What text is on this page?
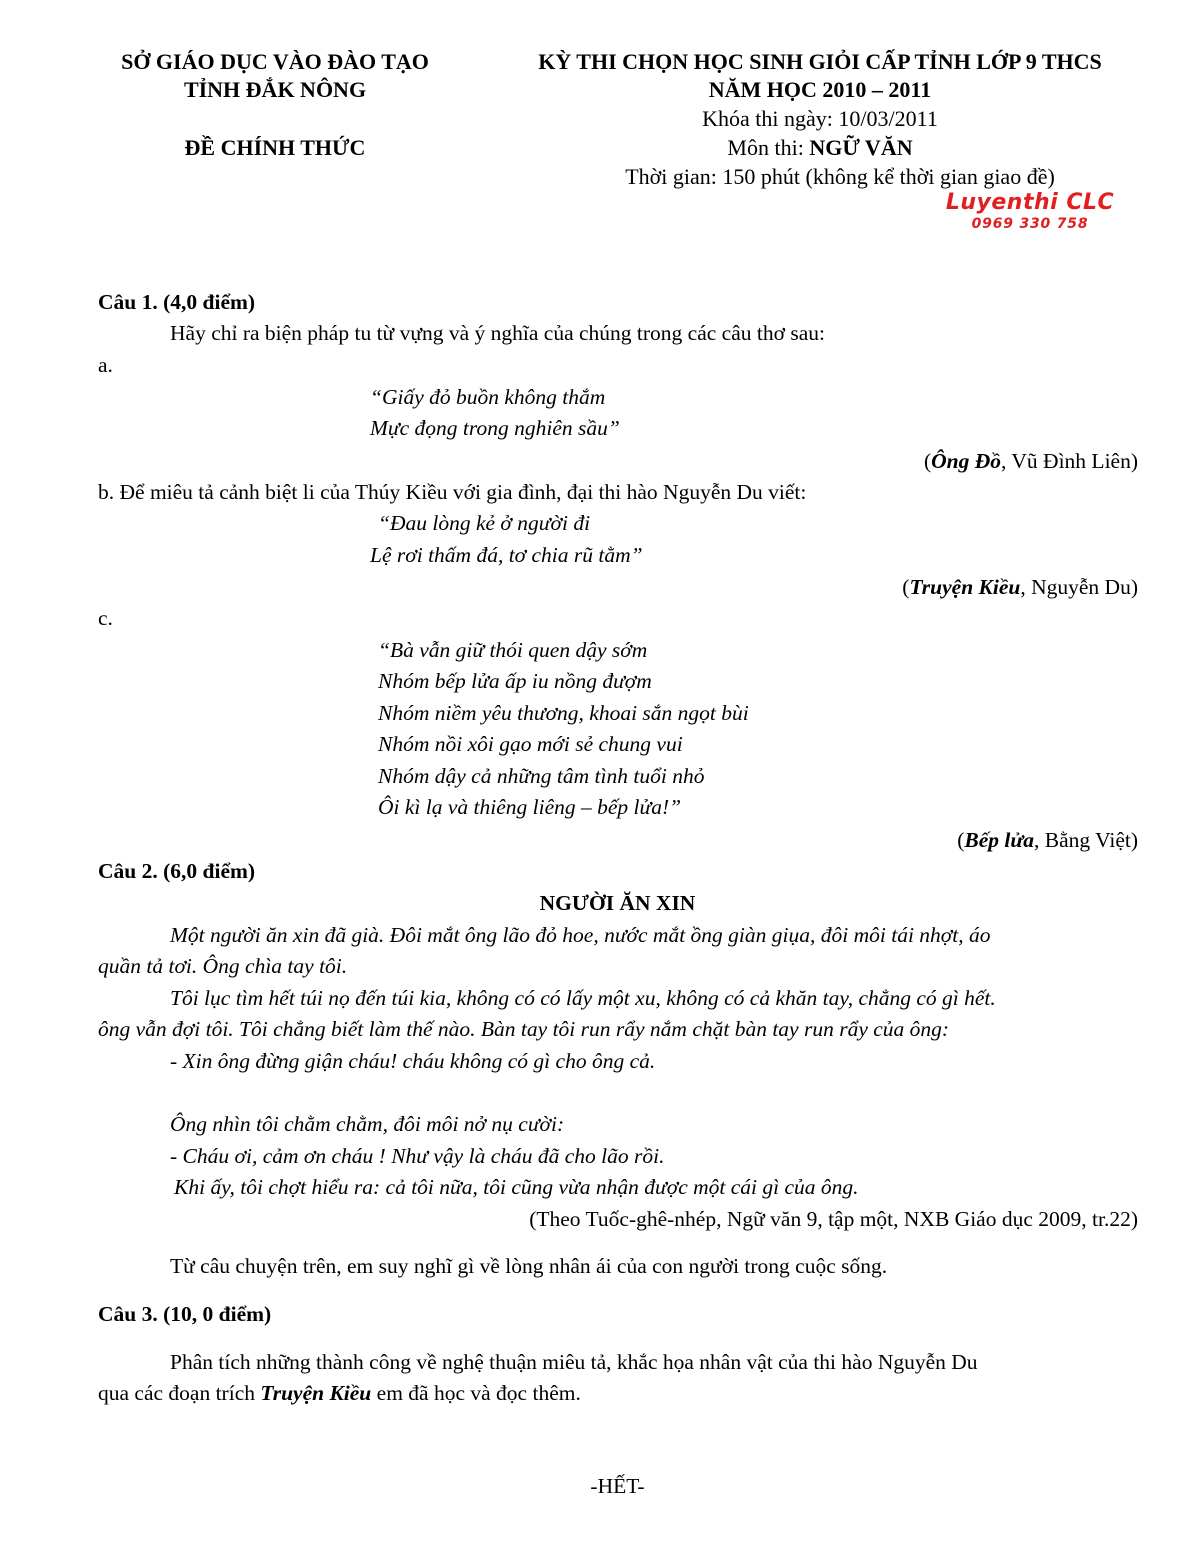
SỞ GIÁO DỤC VÀO ĐÀO TẠO
TỈNH ĐẮK NÔNG
ĐỀ CHÍNH THỨC
KỲ THI CHỌN HỌC SINH GIỎI CẤP TỈNH LỚP 9 THCS
NĂM HỌC 2010 – 2011
Khóa thi ngày: 10/03/2011
Môn thi: NGỮ VĂN
Thời gian: 150 phút (không kể thời gian giao đề)
Luyenthi CLC
0969 330 758
Câu 1. (4,0 điểm)
Hãy chỉ ra biện pháp tu từ vựng và ý nghĩa của chúng trong các câu thơ sau:
a.
“Giấy đỏ buồn không thắm
Mực đọng trong nghiên sầu”
(Ông Đồ, Vũ Đình Liên)
b. Để miêu tả cảnh biệt li của Thúy Kiều với gia đình, đại thi hào Nguyễn Du viết:
“Đau lòng kẻ ở người đi
Lệ rơi thấm đá, tơ chia rũ tằm”
(Truyện Kiều, Nguyễn Du)
c.
“Bà vẫn giữ thói quen dậy sớm
Nhóm bếp lửa ấp iu nồng đượm
Nhóm niềm yêu thương, khoai sắn ngọt bùi
Nhóm nồi xôi gạo mới sẻ chung vui
Nhóm dậy cả những tâm tình tuổi nhỏ
Ôi kì lạ và thiêng liêng – bếp lửa!”
(Bếp lửa, Bằng Việt)
Câu 2. (6,0 điểm)
NGƯỜI ĂN XIN
Một người ăn xin đã già. Đôi mắt ông lão đỏ hoe, nước mắt ồng giàn giụa, đôi môi tái nhợt, áo
quần tả tơi. Ông chìa tay tôi.
Tôi lục tìm hết túi nọ đến túi kia, không có có lấy một xu, không có cả khăn tay, chẳng có gì hết.
ông vẫn đợi tôi. Tôi chẳng biết làm thế nào. Bàn tay tôi run rẩy nắm chặt bàn tay run rẩy của ông:
- Xin ông đừng giận cháu! cháu không có gì cho ông cả.
Ông nhìn tôi chằm chằm, đôi môi nở nụ cười:
- Cháu ơi, cảm ơn cháu ! Như vậy là cháu đã cho lão rồi.
Khi ấy, tôi chợt hiểu ra: cả tôi nữa, tôi cũng vừa nhận được một cái gì của ông.
(Theo Tuốc-ghê-nhép, Ngữ văn 9, tập một, NXB Giáo dục 2009, tr.22)
Từ câu chuyện trên, em suy nghĩ gì về lòng nhân ái của con người trong cuộc sống.
Câu 3. (10, 0 điểm)
Phân tích những thành công về nghệ thuận miêu tả, khắc họa nhân vật của thi hào Nguyễn Du
qua các đoạn trích Truyện Kiều em đã học và đọc thêm.
-HẾT-
